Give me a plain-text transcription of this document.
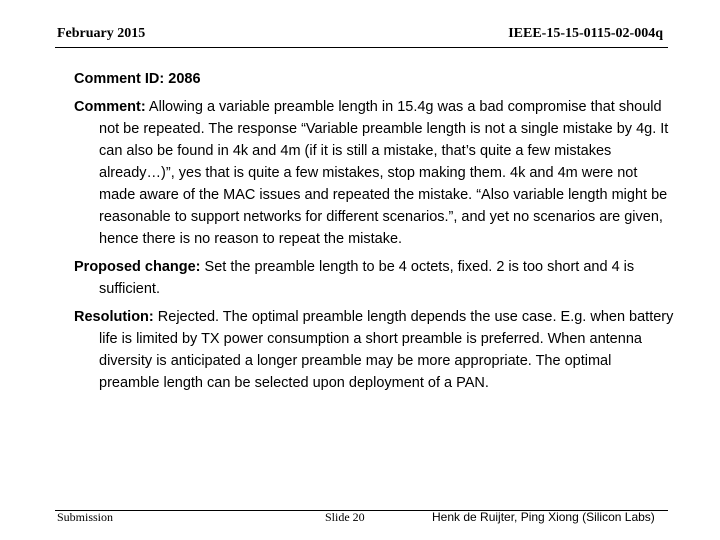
February 2015	IEEE-15-15-0115-02-004q

Comment ID: 2086

Comment: Allowing a variable preamble length in 15.4g was a bad compromise that should not be repeated. The response “Variable preamble length is not a single mistake by 4g. It can also be found in 4k and 4m (if it is still a mistake, that’s quite a few mistakes already…)”, yes that is quite a few mistakes, stop making them. 4k and 4m were not made aware of the MAC issues and repeated the mistake. “Also variable length might be reasonable to support networks for different scenarios.”, and yet no scenarios are given, hence there is no reason to repeat the mistake.

Proposed change: Set the preamble length to be 4 octets, fixed. 2 is too short and 4 is sufficient.

Resolution: Rejected. The optimal preamble length depends the use case. E.g. when battery life is limited by TX power consumption a short preamble is preferred. When antenna diversity is anticipated a longer preamble may be more appropriate. The optimal preamble length can be selected upon deployment of a PAN.

Submission	Slide 20	Henk de Ruijter, Ping Xiong (Silicon Labs)
